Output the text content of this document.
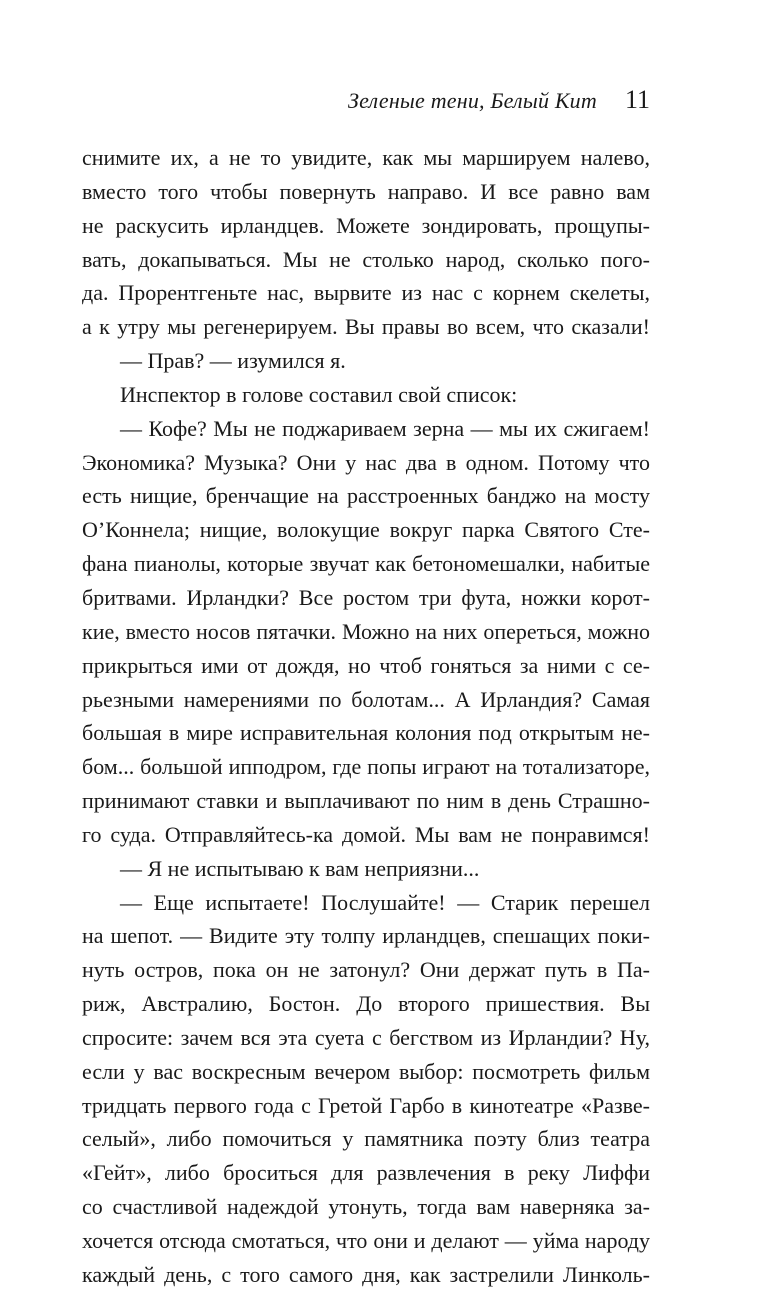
Зеленые тени, Белый Кит 11
снимите их, а не то увидите, как мы маршируем налево,
вместо того чтобы повернуть направо. И все равно вам
не раскусить ирландцев. Можете зондировать, прощупы-
вать, докапываться. Мы не столько народ, сколько пого-
да. Прорентгеньте нас, вырвите из нас с корнем скелеты,
а к утру мы регенерируем. Вы правы во всем, что сказали!
— Прав? — изумился я.
Инспектор в голове составил свой список:
— Кофе? Мы не поджариваем зерна — мы их сжигаем!
Экономика? Музыка? Они у нас два в одном. Потому что
есть нищие, бренчащие на расстроенных банджо на мосту
О’Коннела; нищие, волокущие вокруг парка Святого Сте-
фана пианолы, которые звучат как бетономешалки, набитые
бритвами. Ирландки? Все ростом три фута, ножки корот-
кие, вместо носов пятачки. Можно на них опереться, можно
прикрыться ими от дождя, но чтоб гоняться за ними с се-
рьезными намерениями по болотам... А Ирландия? Самая
большая в мире исправительная колония под открытым не-
бом... большой ипподром, где попы играют на тотализаторе,
принимают ставки и выплачивают по ним в день Страшно-
го суда. Отправляйтесь-ка домой. Мы вам не понравимся!
— Я не испытываю к вам неприязни...
— Еще испытаете! Послушайте! — Старик перешел
на шепот. — Видите эту толпу ирландцев, спешащих поки-
нуть остров, пока он не затонул? Они держат путь в Па-
риж, Австралию, Бостон. До второго пришествия. Вы
спросите: зачем вся эта суета с бегством из Ирландии? Ну,
если у вас воскресным вечером выбор: посмотреть фильм
тридцать первого года с Гретой Гарбо в кинотеатре «Разве-
селый», либо помочиться у памятника поэту близ театра
«Гейт», либо броситься для развлечения в реку Лиффи
со счастливой надеждой утонуть, тогда вам наверняка за-
хочется отсюда смотаться, что они и делают — уйма народу
каждый день, с того самого дня, как застрелили Линколь-
